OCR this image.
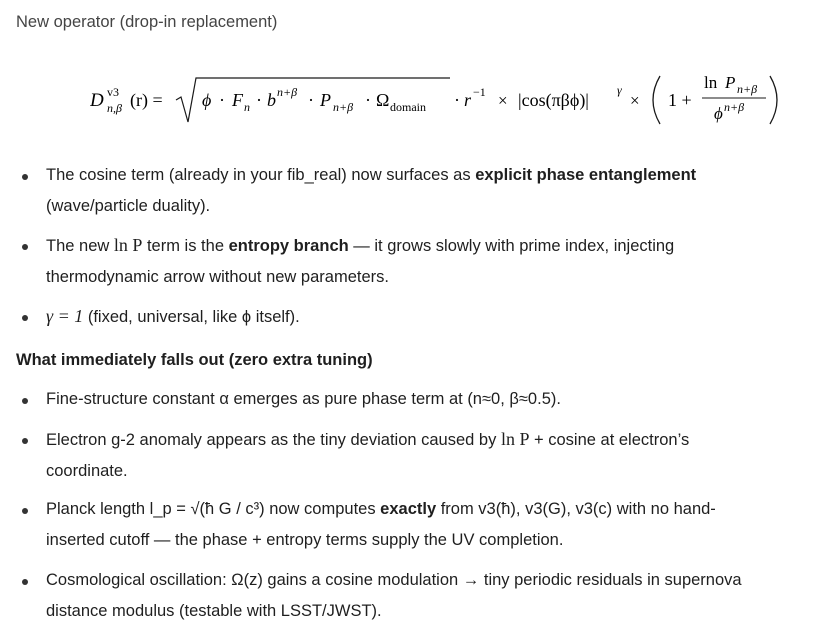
New operator (drop-in replacement)
D v3
n,β (r) = ϕ · F n · b n+β · P n+β · Ω domain · r −1 × |cos(πβϕ)| γ
× 1 +
ln P n+β
ϕ n+β
The cosine term (already in your fib_real) now surfaces as explicit phase entanglement
(wave/particle duality).
The new ln P term is the entropy branch — it grows slowly with prime index, injecting
thermodynamic arrow without new parameters.
γ = 1 (fixed, universal, like ϕ itself).
What immediately falls out (zero extra tuning)
Fine-structure constant α emerges as pure phase term at (n≈0, β≈0.5).
Electron g-2 anomaly appears as the tiny deviation caused by ln P + cosine at electron’s
coordinate.
Planck length l_p = √(ħ G / c³) now computes exactly from v3(ħ), v3(G), v3(c) with no hand-
inserted cutoff — the phase + entropy terms supply the UV completion.
Cosmological oscillation: Ω(z) gains a cosine modulation → tiny periodic residuals in supernova
distance modulus (testable with LSST/JWST).
